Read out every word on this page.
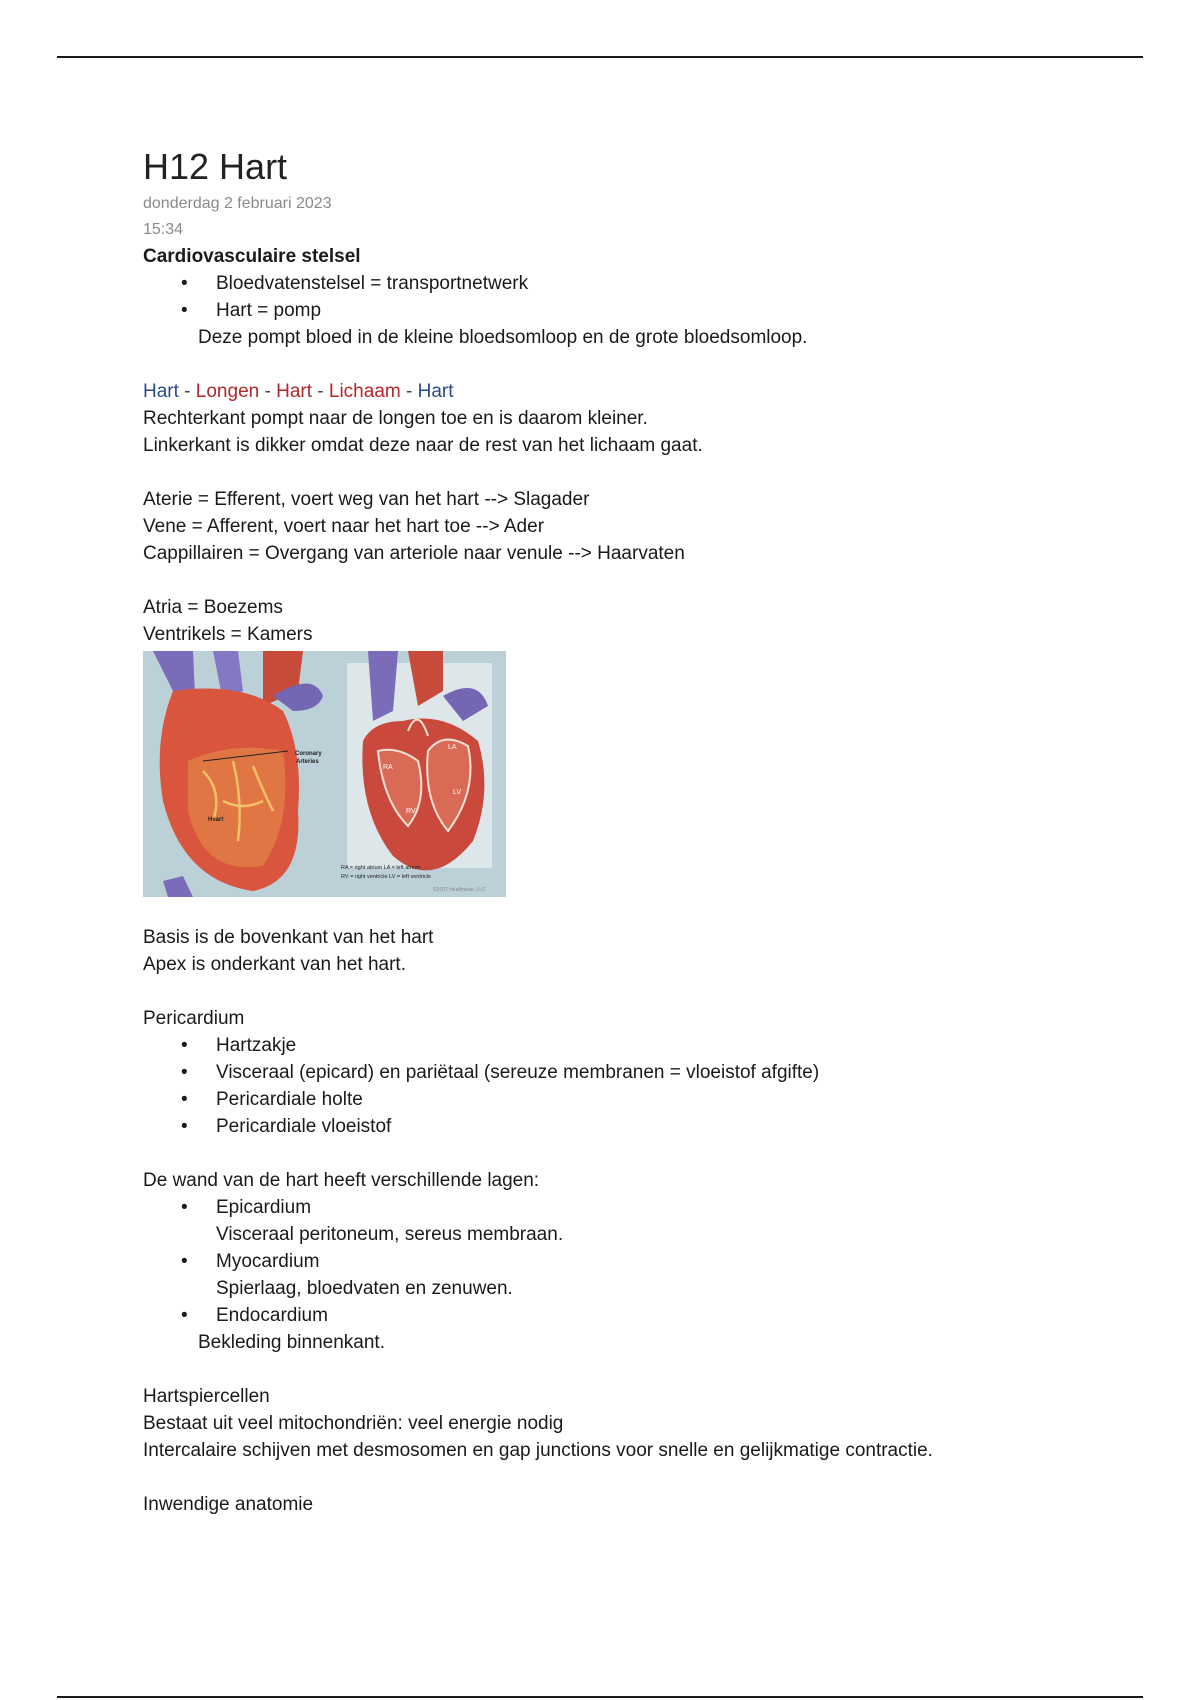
H12 Hart
donderdag 2 februari 2023
15:34
Cardiovasculaire stelsel
• Bloedvatenstelsel = transportnetwerk
• Hart = pomp
Deze pompt bloed in de kleine bloedsomloop en de grote bloedsomloop.
Hart - Longen - Hart - Lichaam - Hart
Rechterkant pompt naar de longen toe en is daarom kleiner.
Linkerkant is dikker omdat deze naar de rest van het lichaam gaat.
Aterie = Efferent, voert weg van het hart --> Slagader
Vene = Afferent, voert naar het hart toe --> Ader
Cappillairen = Overgang van arteriole naar venule --> Haarvaten
Atria = Boezems
Ventrikels = Kamers
Coronary
Arteries
Heart
RA
LA
RV
LV
RA = right atrium LA = left atrium
RV = right ventricle LV = left ventricle
©2007 Healthwise, LLC
Basis is de bovenkant van het hart
Apex is onderkant van het hart.
Pericardium
• Hartzakje
• Visceraal (epicard) en pariëtaal (sereuze membranen = vloeistof afgifte)
• Pericardiale holte
• Pericardiale vloeistof
De wand van de hart heeft verschillende lagen:
• Epicardium
Visceraal peritoneum, sereus membraan.
• Myocardium
Spierlaag, bloedvaten en zenuwen.
• Endocardium
Bekleding binnenkant.
Hartspiercellen
Bestaat uit veel mitochondriën: veel energie nodig
Intercalaire schijven met desmosomen en gap junctions voor snelle en gelijkmatige contractie.
Inwendige anatomie
